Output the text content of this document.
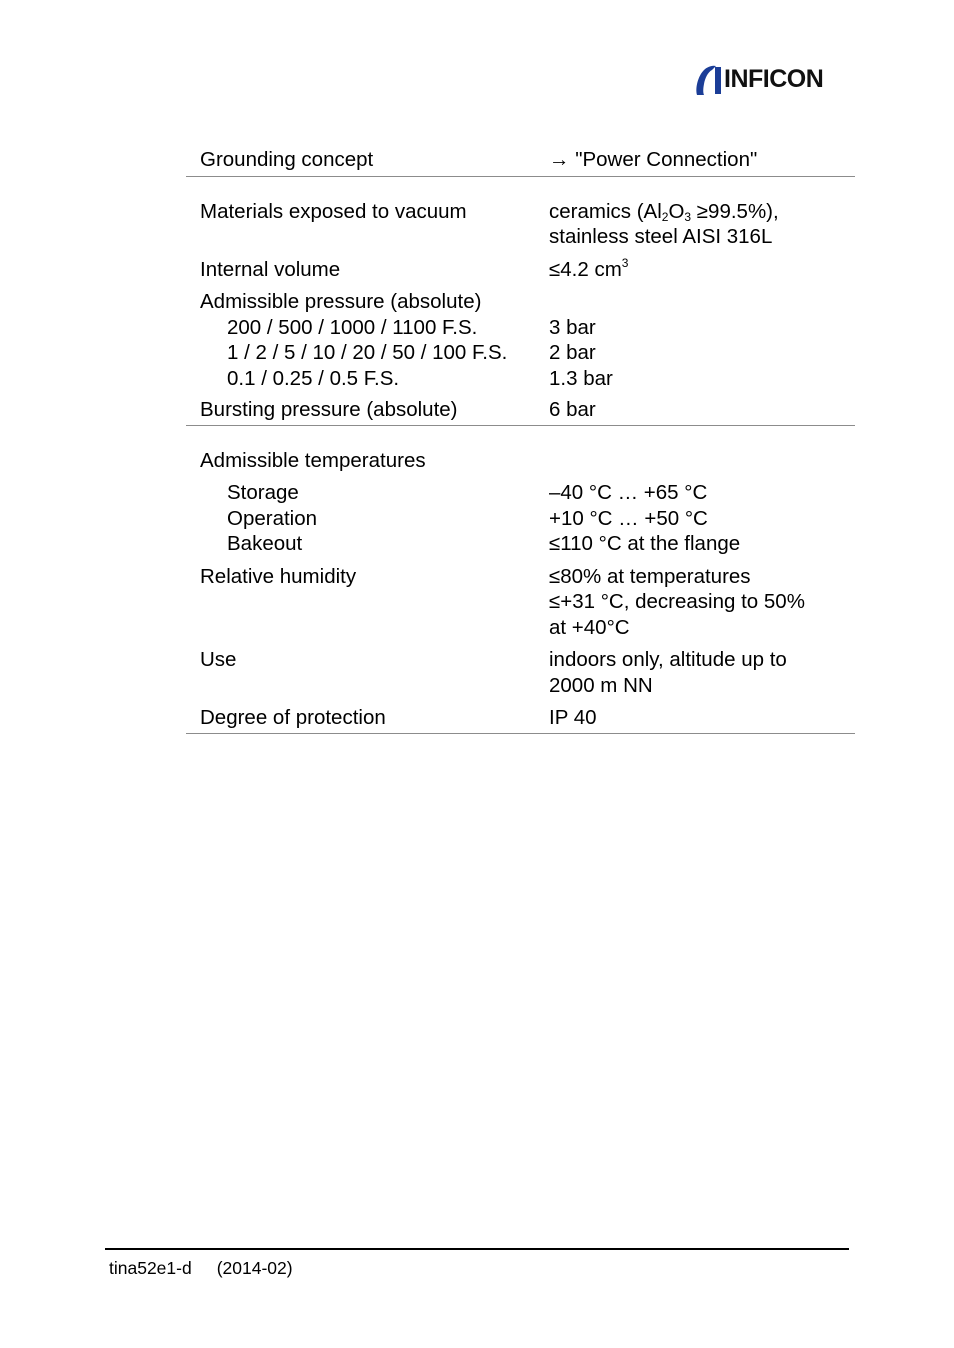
INFICON
Grounding concept	→ "Power Connection"
Materials exposed to vacuum	ceramics $(Al_2O_3 \ge 99.5\%)$,
stainless steel AISI 316L
Internal volume	≤4.2 $cm^3$
Admissible pressure (absolute)
200 / 500 / 1000 / 1100 F.S.	3 bar
1 / 2 / 5 / 10 / 20 / 50 / 100 F.S.	2 bar
0.1 / 0.25 / 0.5 F.S.	1.3 bar
Bursting pressure (absolute)	6 bar
Admissible temperatures
Storage	–40 °C … +65 °C
Operation	+10 °C … +50 °C
Bakeout	≤110 °C at the flange
Relative humidity	≤80% at temperatures
≤+31 °C, decreasing to 50%
at +40°C
Use	indoors only, altitude up to
2000 m NN
Degree of protection	IP 40
tina52e1-d (2014-02)
